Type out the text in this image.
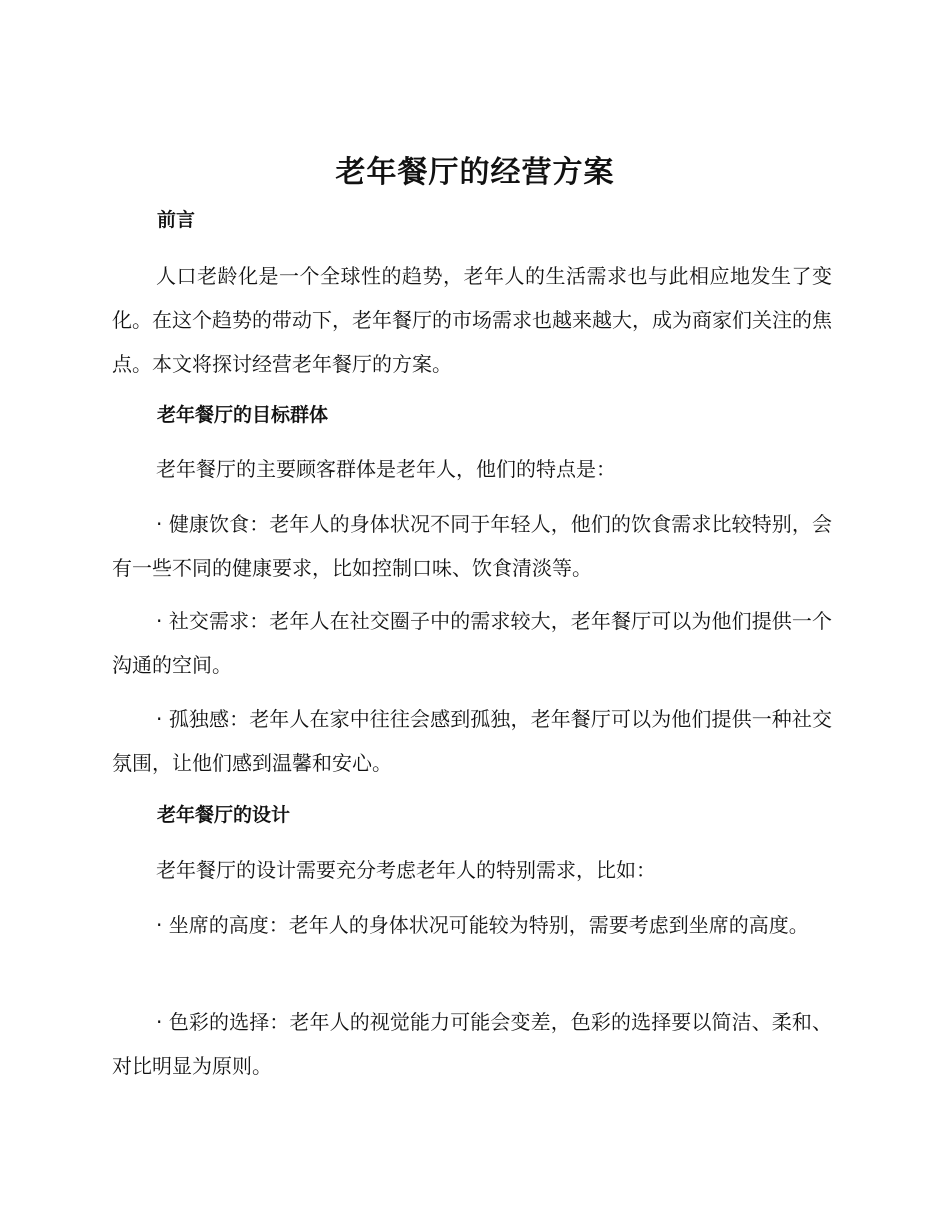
老年餐厅的经营方案
前言
人口老龄化是一个全球性的趋势，老年人的生活需求也与此相应地发生了变化。在这个趋势的带动下，老年餐厅的市场需求也越来越大，成为商家们关注的焦点。本文将探讨经营老年餐厅的方案。
老年餐厅的目标群体
老年餐厅的主要顾客群体是老年人，他们的特点是：
· 健康饮食：老年人的身体状况不同于年轻人，他们的饮食需求比较特别，会有一些不同的健康要求，比如控制口味、饮食清淡等。
· 社交需求：老年人在社交圈子中的需求较大，老年餐厅可以为他们提供一个沟通的空间。
· 孤独感：老年人在家中往往会感到孤独，老年餐厅可以为他们提供一种社交氛围，让他们感到温馨和安心。
老年餐厅的设计
老年餐厅的设计需要充分考虑老年人的特别需求，比如：
· 坐席的高度：老年人的身体状况可能较为特别，需要考虑到坐席的高度。
· 色彩的选择：老年人的视觉能力可能会变差，色彩的选择要以简洁、柔和、对比明显为原则。
